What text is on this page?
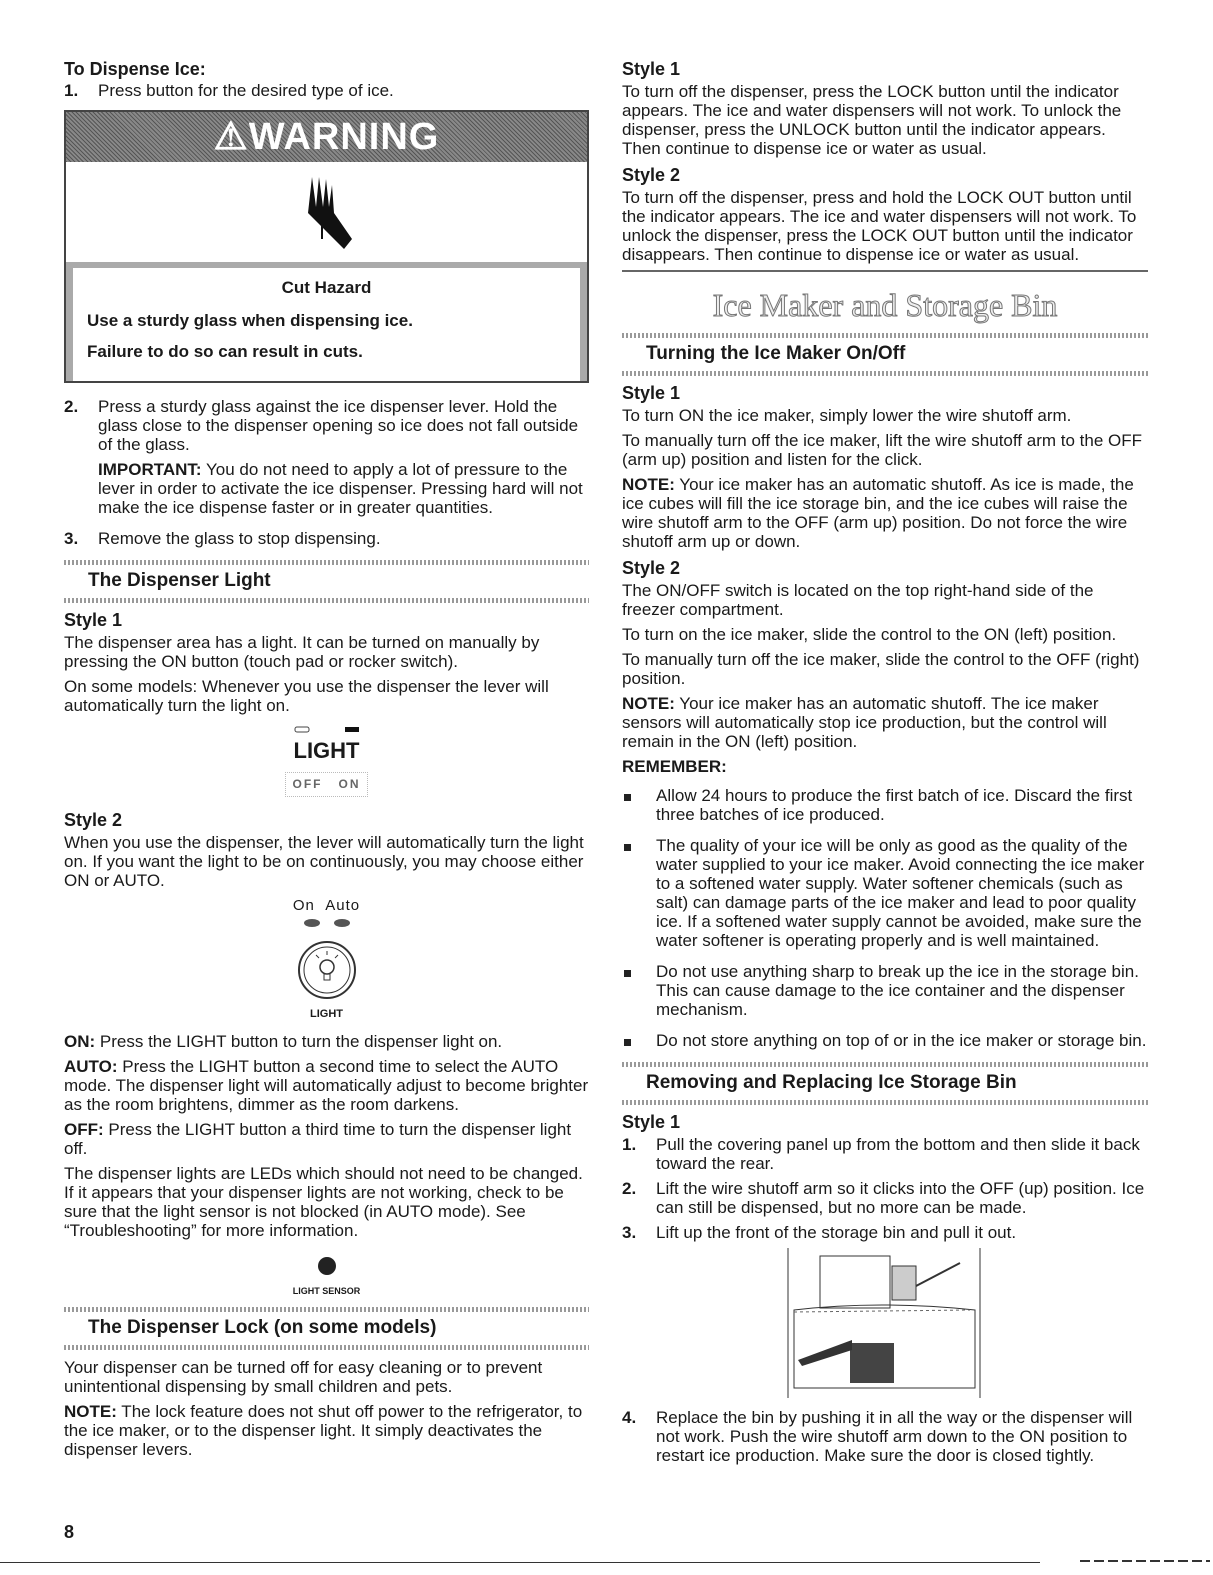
To Dispense Ice:
1.	Press button for the desired type of ice.
⚠WARNING
Cut Hazard

Use a sturdy glass when dispensing ice.

Failure to do so can result in cuts.

2.	Press a sturdy glass against the ice dispenser lever. Hold the glass close to the dispenser opening so ice does not fall outside of the glass.

IMPORTANT: You do not need to apply a lot of pressure to the lever in order to activate the ice dispenser. Pressing hard will not make the ice dispense faster or in greater quantities.

3.	Remove the glass to stop dispensing.
The Dispenser Light
Style 1

The dispenser area has a light. It can be turned on manually by pressing the ON button (touch pad or rocker switch).

On some models: Whenever you use the dispenser the lever will automatically turn the light on.

LIGHT
OFF ON
Style 2

When you use the dispenser, the lever will automatically turn the light on. If you want the light to be on continuously, you may choose either ON or AUTO.

On Auto
LIGHT

ON: Press the LIGHT button to turn the dispenser light on.

AUTO: Press the LIGHT button a second time to select the AUTO mode. The dispenser light will automatically adjust to become brighter as the room brightens, dimmer as the room darkens.

OFF: Press the LIGHT button a third time to turn the dispenser light off.

The dispenser lights are LEDs which should not need to be changed. If it appears that your dispenser lights are not working, check to be sure that the light sensor is not blocked (in AUTO mode). See “Troubleshooting” for more information.

LIGHT SENSOR
The Dispenser Lock (on some models)

Your dispenser can be turned off for easy cleaning or to prevent unintentional dispensing by small children and pets.

NOTE: The lock feature does not shut off power to the refrigerator, to the ice maker, or to the dispenser light. It simply deactivates the dispenser levers.

Style 1

To turn off the dispenser, press the LOCK button until the indicator appears. The ice and water dispensers will not work. To unlock the dispenser, press the UNLOCK button until the indicator appears. Then continue to dispense ice or water as usual.

Style 2

To turn off the dispenser, press and hold the LOCK OUT button until the indicator appears. The ice and water dispensers will not work. To unlock the dispenser, press the LOCK OUT button until the indicator disappears. Then continue to dispense ice or water as usual.

Ice Maker and Storage Bin
Turning the Ice Maker On/Off
Style 1

To turn ON the ice maker, simply lower the wire shutoff arm.

To manually turn off the ice maker, lift the wire shutoff arm to the OFF (arm up) position and listen for the click.

NOTE: Your ice maker has an automatic shutoff. As ice is made, the ice cubes will fill the ice storage bin, and the ice cubes will raise the wire shutoff arm to the OFF (arm up) position. Do not force the wire shutoff arm up or down.

Style 2

The ON/OFF switch is located on the top right-hand side of the freezer compartment.

To turn on the ice maker, slide the control to the ON (left) position.

To manually turn off the ice maker, slide the control to the OFF (right) position.

NOTE: Your ice maker has an automatic shutoff. The ice maker sensors will automatically stop ice production, but the control will remain in the ON (left) position.

REMEMBER:
Allow 24 hours to produce the first batch of ice. Discard the first three batches of ice produced.
The quality of your ice will be only as good as the quality of the water supplied to your ice maker. Avoid connecting the ice maker to a softened water supply. Water softener chemicals (such as salt) can damage parts of the ice maker and lead to poor quality ice. If a softened water supply cannot be avoided, make sure the water softener is operating properly and is well maintained.
Do not use anything sharp to break up the ice in the storage bin. This can cause damage to the ice container and the dispenser mechanism.
Do not store anything on top of or in the ice maker or storage bin.
Removing and Replacing Ice Storage Bin
Style 1
1.	Pull the covering panel up from the bottom and then slide it back toward the rear.
2.	Lift the wire shutoff arm so it clicks into the OFF (up) position. Ice can still be dispensed, but no more can be made.
3.	Lift up the front of the storage bin and pull it out.
4.	Replace the bin by pushing it in all the way or the dispenser will not work. Push the wire shutoff arm down to the ON position to restart ice production. Make sure the door is closed tightly.
8
